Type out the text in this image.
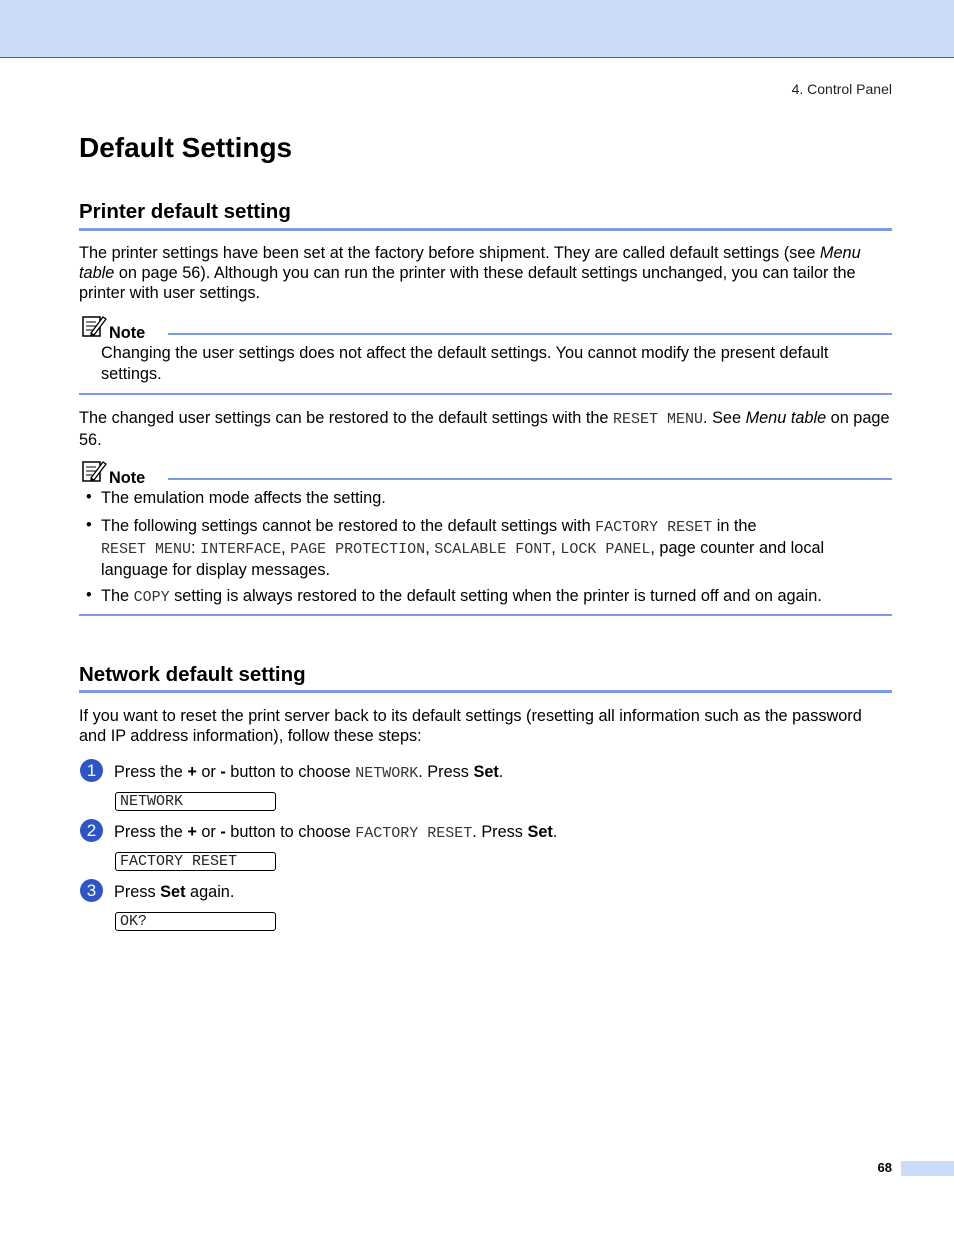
4. Control Panel
Default Settings
Printer default setting

The printer settings have been set at the factory before shipment. They are called default settings (see Menu table on page 56). Although you can run the printer with these default settings unchanged, you can tailor the printer with user settings.

Note

Changing the user settings does not affect the default settings. You cannot modify the present default settings.

The changed user settings can be restored to the default settings with the RESET MENU. See Menu table on page 56.

Note
• The emulation mode affects the setting.

• The following settings cannot be restored to the default settings with FACTORY RESET in the
RESET MENU: INTERFACE, PAGE PROTECTION, SCALABLE FONT, LOCK PANEL, page counter and local language for display messages.

• The COPY setting is always restored to the default setting when the printer is turned off and on again.

Network default setting

If you want to reset the print server back to its default settings (resetting all information such as the password and IP address information), follow these steps:

1	Press the + or - button to choose NETWORK. Press Set.
NETWORK
2	Press the + or - button to choose FACTORY RESET. Press Set.
FACTORY RESET
3	Press Set again.
OK?
68
